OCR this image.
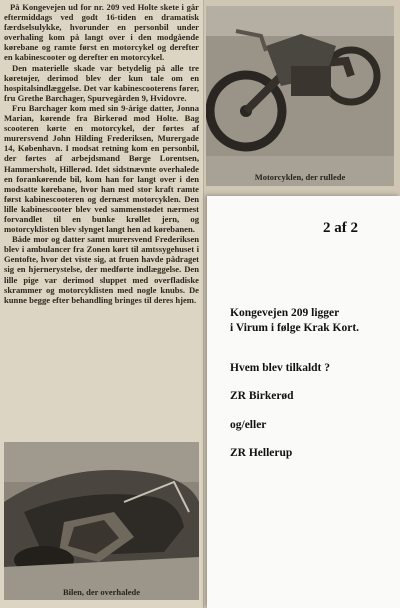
På Kongevejen ud for nr. 209 ved Holte skete i går eftermiddags ved godt 16-tiden en dramatisk færdselsulykke, hvorunder en personbil under overhaling kom på langt over i den modgående kørebane og ramte først en motorcykel og derefter en kabinescooter og derefter en motorcykel.

Den materielle skade var betydelig på alle tre køretøjer, derimod blev der kun tale om en hospitalsindlæggelse. Det var kabinescooterens fører, fru Grethe Barchager, Spurvegården 9, Hvidovre.

Fru Barchager kom med sin 9-årige datter, Jonna Marian, kørende fra Birkerød mod Holte. Bag scooteren kørte en motorcykel, der førtes af murersvend John Hilding Frederiksen, Murergade 14, København. I modsat retning kom en personbil, der førtes af arbejdsmand Børge Lorentsen, Hammersholt, Hillerød. Idet sidstnævnte overhalede en forankørende bil, kom han for langt over i den modsatte kørebane, hvor han med stor kraft ramte først kabinescooteren og dernæst motorcyklen. Den lille kabinescooter blev ved sammenstødet nærmest forvandlet til en bunke krøllet jern, og motorcyklisten blev slynget langt hen ad kørebanen.

Både mor og datter samt murersvend Frederiksen blev i ambulancer fra Zonen kørt til amtssygehuset i Gentofte, hvor det viste sig, at fruen havde pådraget sig en hjernerystelse, der medførte indlæggelse. Den lille pige var derimod sluppet med overfladiske skrammer og motorcyklisten med nogle knubs. De kunne begge efter behandling bringes til deres hjem.

Bilen, der overhalede
Motorcyklen, der rullede
2 af 2
Kongevejen 209 ligger
i Virum i følge Krak Kort.
Hvem blev tilkaldt ?
ZR Birkerød
og/eller
ZR Hellerup
